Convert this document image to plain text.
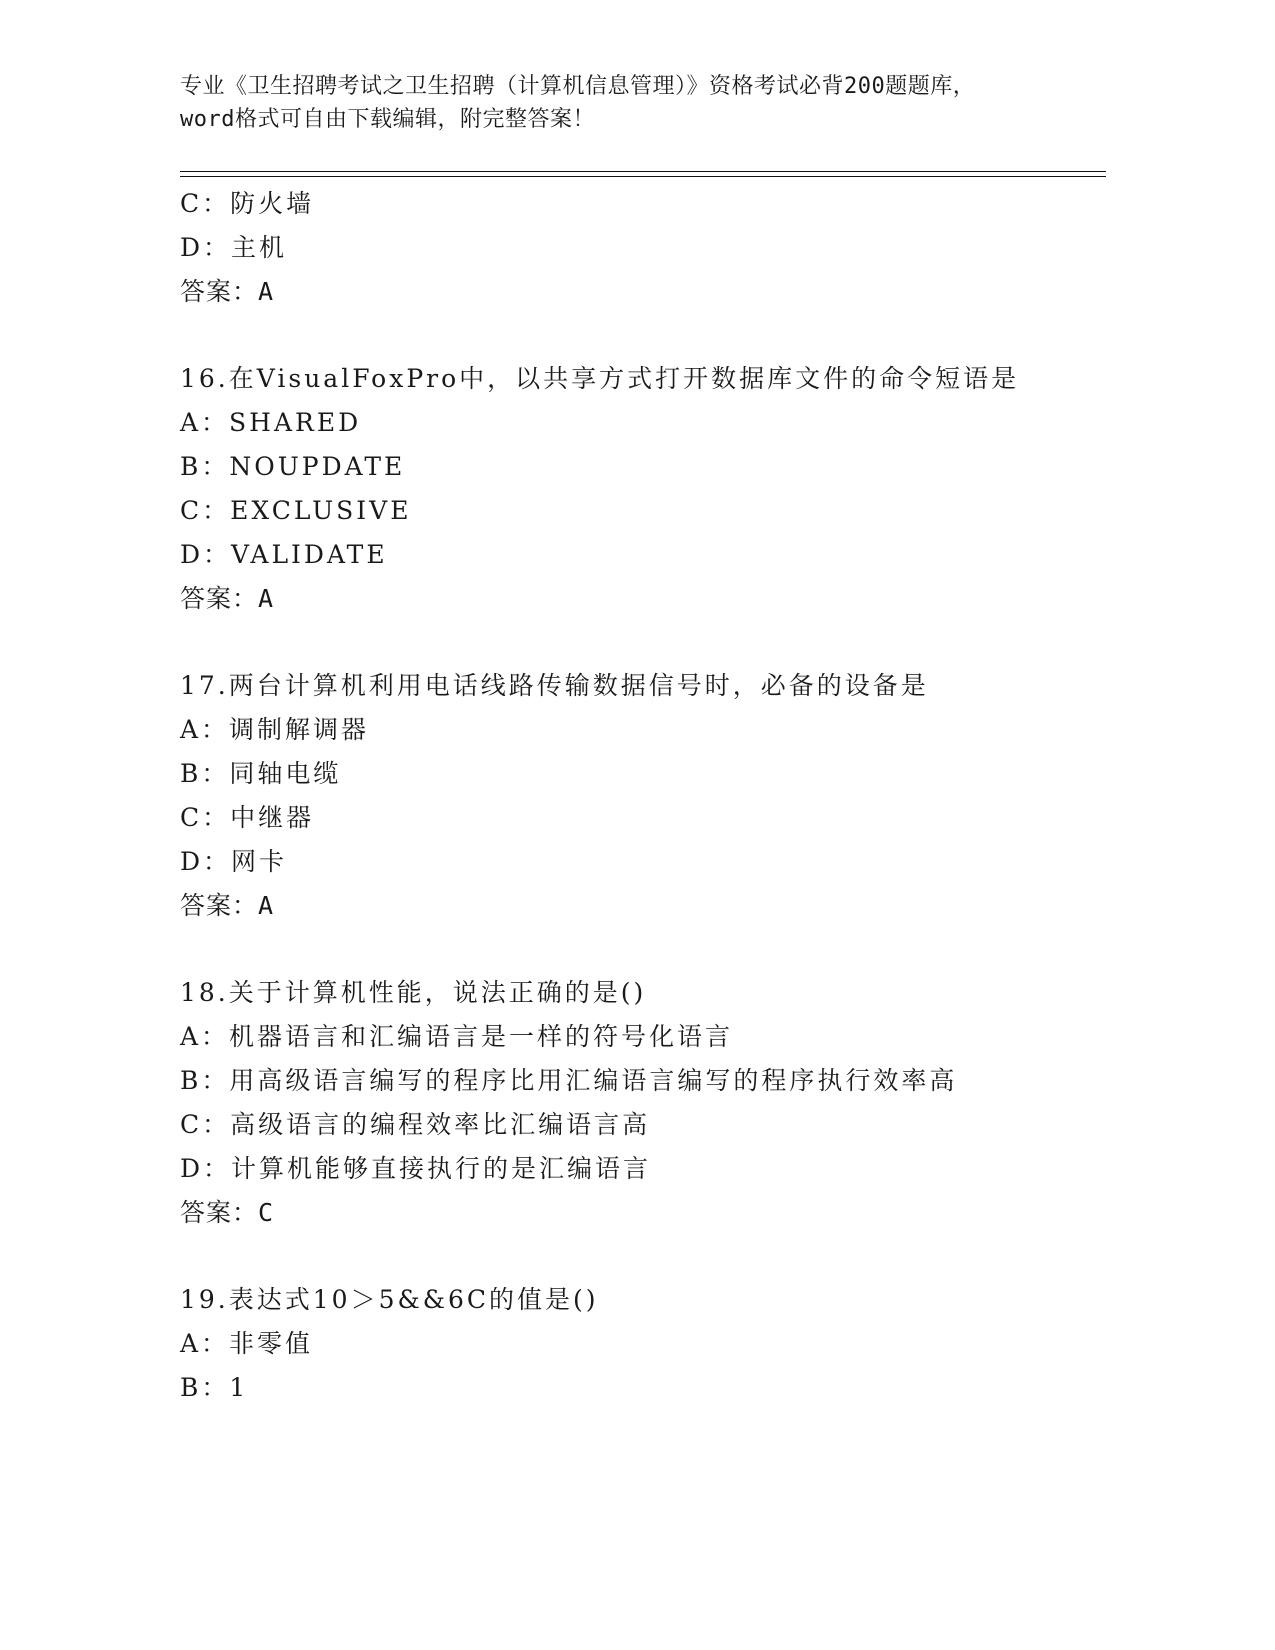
专业《卫生招聘考试之卫生招聘（计算机信息管理）》资格考试必背200题题库，
word格式可自由下载编辑，附完整答案！
C：防火墙
D：主机
答案：A
16.在VisualFoxPro中，以共享方式打开数据库文件的命令短语是
A：SHARED
B：NOUPDATE
C：EXCLUSIVE
D：VALIDATE
答案：A
17.两台计算机利用电话线路传输数据信号时，必备的设备是
A：调制解调器
B：同轴电缆
C：中继器
D：网卡
答案：A
18.关于计算机性能，说法正确的是()
A：机器语言和汇编语言是一样的符号化语言
B：用高级语言编写的程序比用汇编语言编写的程序执行效率高
C：高级语言的编程效率比汇编语言高
D：计算机能够直接执行的是汇编语言
答案：C
19.表达式10＞5&&6C的值是()
A：非零值
B：1
